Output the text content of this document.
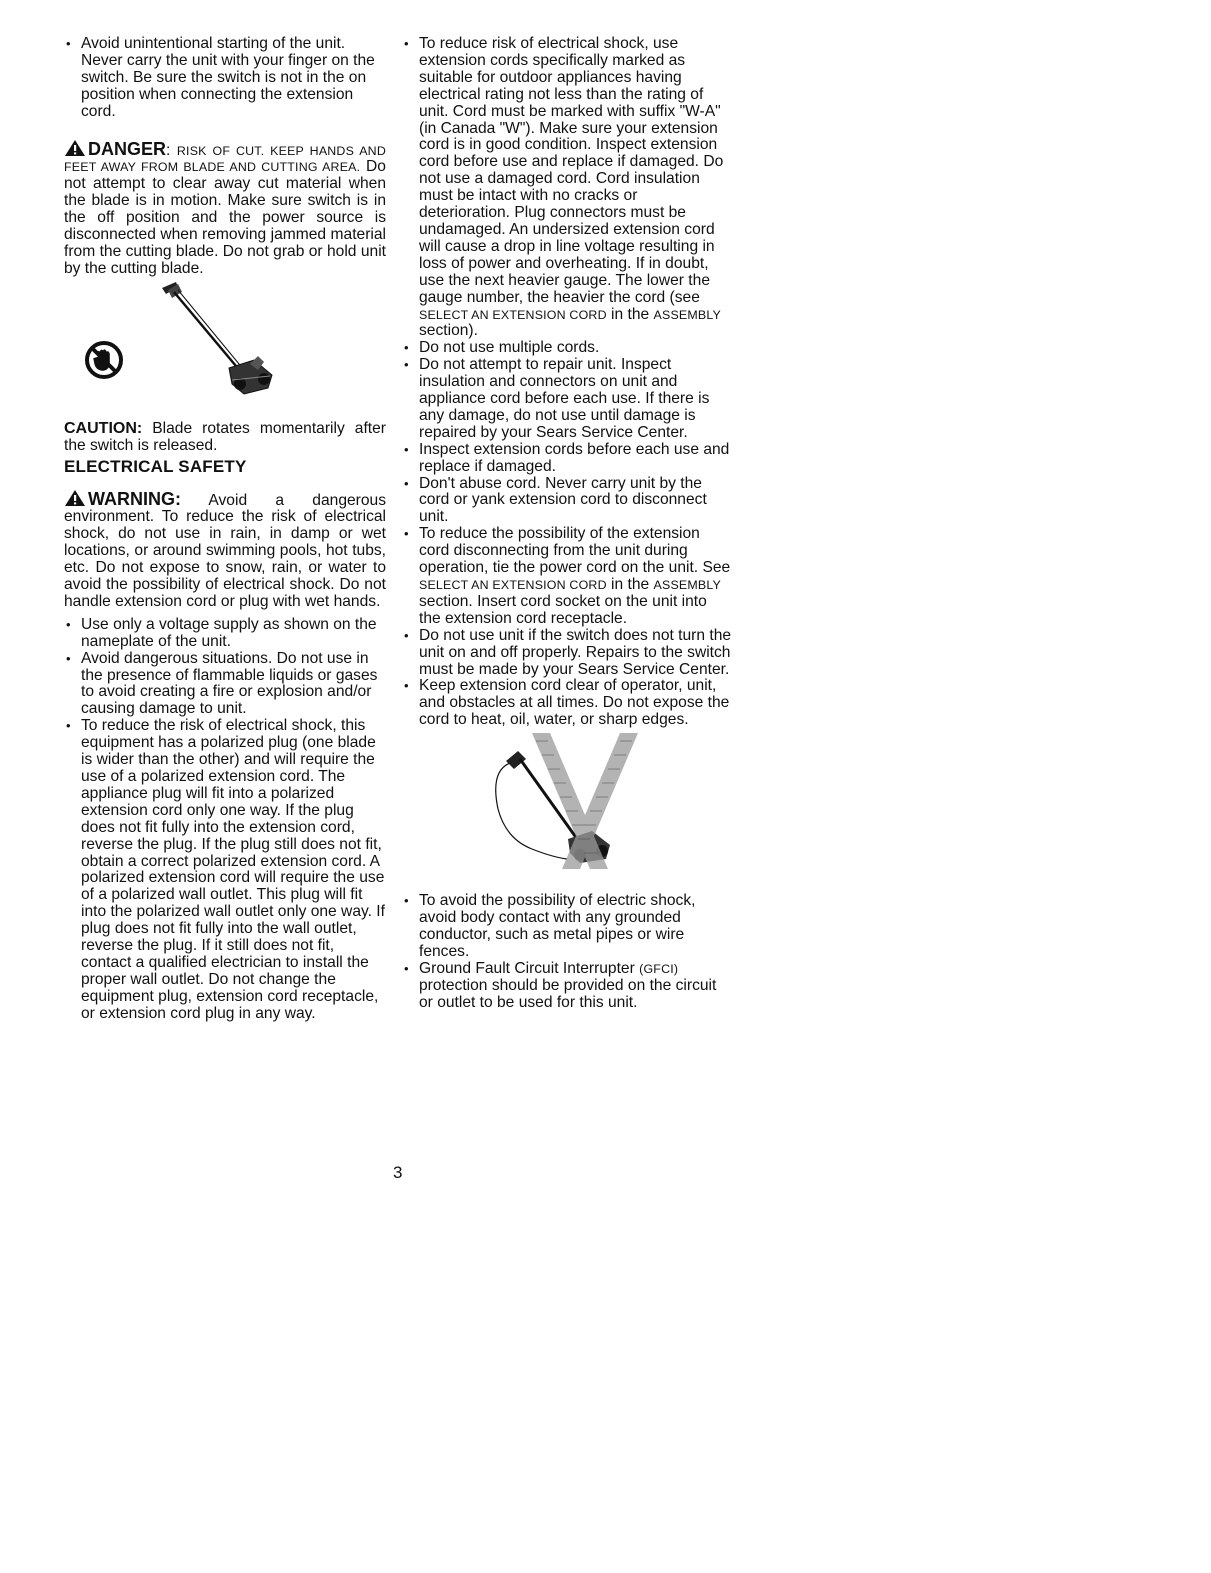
• Avoid unintentional starting of the unit. Never carry the unit with your finger on the switch. Be sure the switch is not in the on position when connecting the extension cord.

DANGER: RISK OF CUT. KEEP HANDS AND FEET AWAY FROM BLADE AND CUTTING AREA. Do not attempt to clear away cut material when the blade is in motion. Make sure switch is in the off position and the power source is disconnected when removing jammed material from the cutting blade. Do not grab or hold unit by the cutting blade.

CAUTION: Blade rotates momentarily after the switch is released.

ELECTRICAL SAFETY

WARNING: Avoid a dangerous environment. To reduce the risk of electrical shock, do not use in rain, in damp or wet locations, or around swimming pools, hot tubs, etc. Do not expose to snow, rain, or water to avoid the possibility of electrical shock. Do not handle extension cord or plug with wet hands.

• Use only a voltage supply as shown on the nameplate of the unit.
• Avoid dangerous situations. Do not use in the presence of flammable liquids or gases to avoid creating a fire or explosion and/or causing damage to unit.
• To reduce the risk of electrical shock, this equipment has a polarized plug (one blade is wider than the other) and will require the use of a polarized extension cord. The appliance plug will fit into a polarized extension cord only one way. If the plug does not fit fully into the extension cord, reverse the plug. If the plug still does not fit, obtain a correct polarized extension cord. A polarized extension cord will require the use of a polarized wall outlet. This plug will fit into the polarized wall outlet only one way. If plug does not fit fully into the wall outlet, reverse the plug. If it still does not fit, contact a qualified electrician to install the proper wall outlet. Do not change the equipment plug, extension cord receptacle, or extension cord plug in any way.
• To reduce risk of electrical shock, use extension cords specifically marked as suitable for outdoor appliances having electrical rating not less than the rating of unit. Cord must be marked with suffix "W-A" (in Canada "W"). Make sure your extension cord is in good condition. Inspect extension cord before use and replace if damaged. Do not use a damaged cord. Cord insulation must be intact with no cracks or deterioration. Plug connectors must be undamaged. An undersized extension cord will cause a drop in line voltage resulting in loss of power and overheating. If in doubt, use the next heavier gauge. The lower the gauge number, the heavier the cord (see SELECT AN EXTENSION CORD in the ASSEMBLY section).
• Do not use multiple cords.
• Do not attempt to repair unit. Inspect insulation and connectors on unit and appliance cord before each use. If there is any damage, do not use until damage is repaired by your Sears Service Center.
• Inspect extension cords before each use and replace if damaged.
• Don't abuse cord. Never carry unit by the cord or yank extension cord to disconnect unit.
• To reduce the possibility of the extension cord disconnecting from the unit during operation, tie the power cord on the unit. See SELECT AN EXTENSION CORD in the ASSEMBLY section. Insert cord socket on the unit into the extension cord receptacle.
• Do not use unit if the switch does not turn the unit on and off properly. Repairs to the switch must be made by your Sears Service Center.
• Keep extension cord clear of operator, unit, and obstacles at all times. Do not expose the cord to heat, oil, water, or sharp edges.
• To avoid the possibility of electric shock, avoid body contact with any grounded conductor, such as metal pipes or wire fences.
• Ground Fault Circuit Interrupter (GFCI) protection should be provided on the circuit or outlet to be used for this unit.
3
